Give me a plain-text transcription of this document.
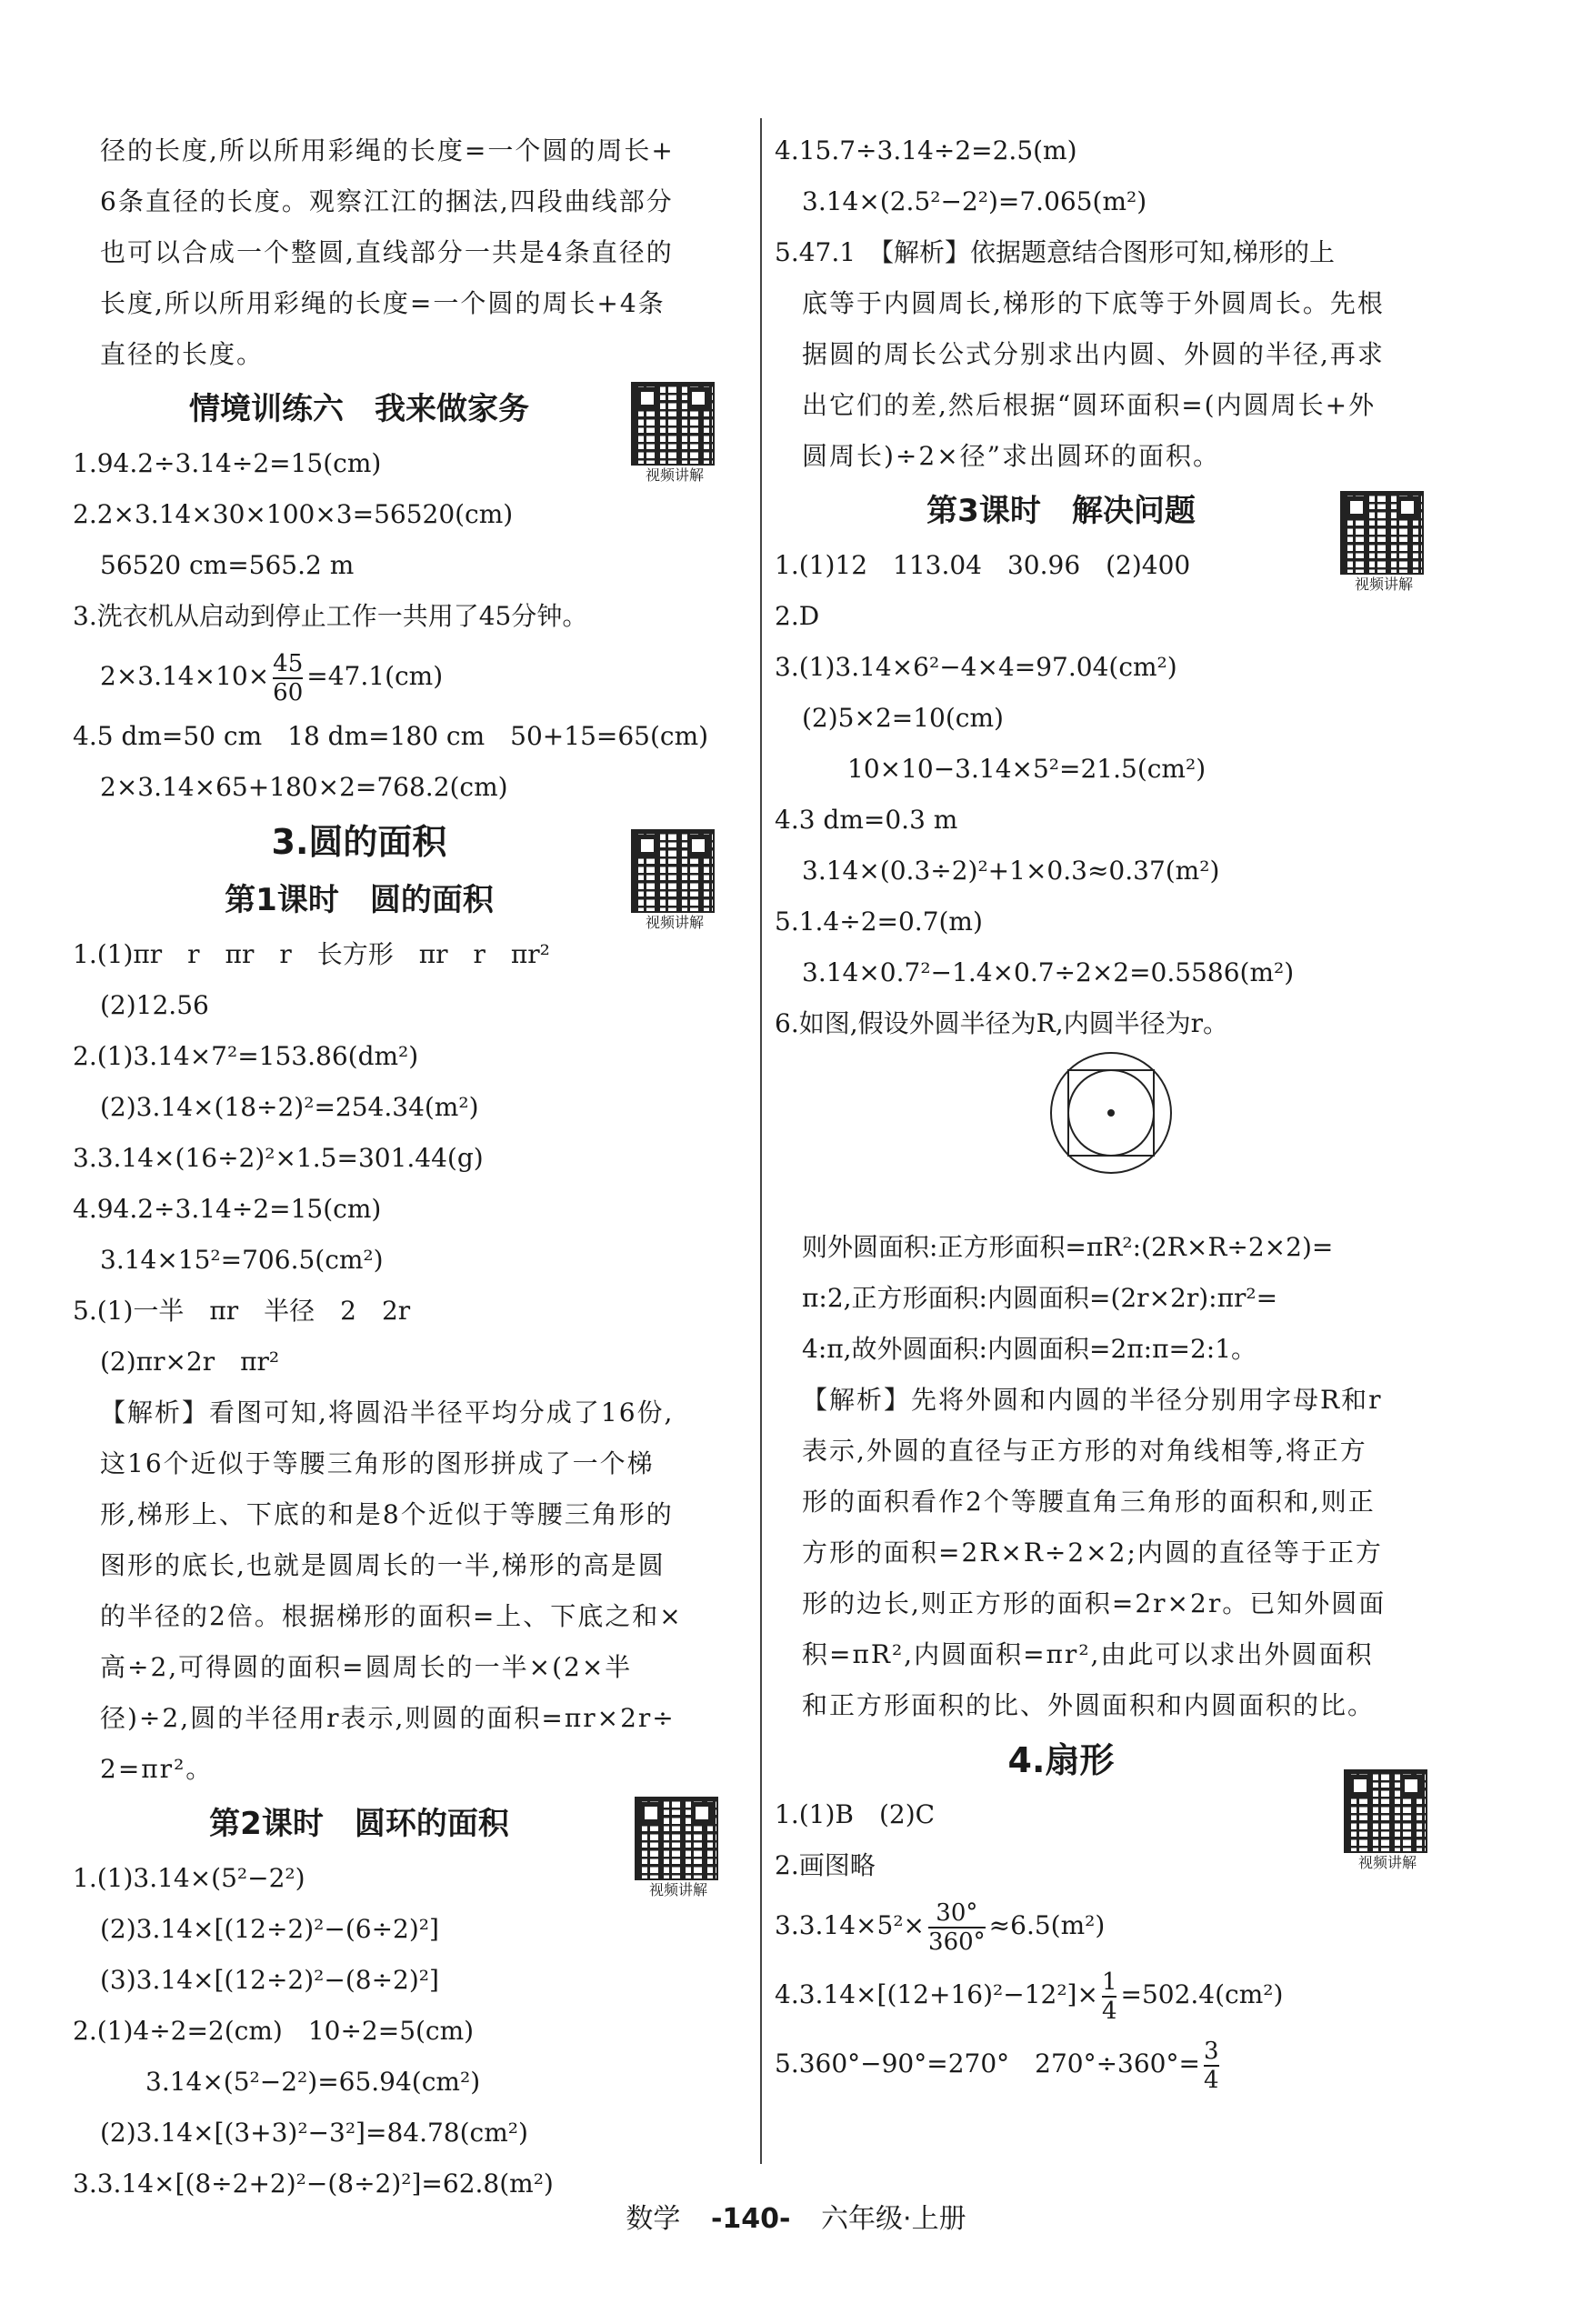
径的长度,所以所用彩绳的长度=一个圆的周长+
6条直径的长度。观察江江的捆法,四段曲线部分
也可以合成一个整圆,直线部分一共是4条直径的
长度,所以所用彩绳的长度=一个圆的周长+4条
直径的长度。
情境训练六　我来做家务
1.94.2÷3.14÷2=15(cm)
2.2×3.14×30×100×3=56520(cm)
56520 cm=565.2 m
3.洗衣机从启动到停止工作一共用了45分钟。
$2\times 3.14\times 10\times \frac{45}{60} =47.1(cm)$
4.5 dm=50 cm　18 dm=180 cm　50+15=65(cm)
2×3.14×65+180×2=768.2(cm)
3.圆的面积
第1课时　圆的面积
1.(1)πr　r　πr　r　长方形　πr　r　πr²
(2)12.56
2.(1)3.14×7²=153.86(dm²)
(2)3.14×(18÷2)²=254.34(m²)
3.3.14×(16÷2)²×1.5=301.44(g)
4.94.2÷3.14÷2=15(cm)
3.14×15²=706.5(cm²)
5.(1)一半　πr　半径　2　2r
(2)πr×2r　πr²
【解析】看图可知,将圆沿半径平均分成了16份,
这16个近似于等腰三角形的图形拼成了一个梯
形,梯形上、下底的和是8个近似于等腰三角形的
图形的底长,也就是圆周长的一半,梯形的高是圆
的半径的2倍。根据梯形的面积=上、下底之和×
高÷2,可得圆的面积=圆周长的一半×(2×半
径)÷2,圆的半径用r表示,则圆的面积=πr×2r÷
2=πr²。
第2课时　圆环的面积
1.(1)3.14×(5²−2²)
(2)3.14×[(12÷2)²−(6÷2)²]
(3)3.14×[(12÷2)²−(8÷2)²]
2.(1)4÷2=2(cm)　10÷2=5(cm)
3.14×(5²−2²)=65.94(cm²)
(2)3.14×[(3+3)²−3²]=84.78(cm²)
3.3.14×[(8÷2+2)²−(8÷2)²]=62.8(m²)
4.15.7÷3.14÷2=2.5(m)
3.14×(2.5²−2²)=7.065(m²)
5.47.1　【解析】依据题意结合图形可知,梯形的上
底等于内圆周长,梯形的下底等于外圆周长。先根
据圆的周长公式分别求出内圆、外圆的半径,再求
出它们的差,然后根据“圆环面积=(内圆周长+外
圆周长)÷2×径”求出圆环的面积。
第3课时　解决问题
1.(1)12　113.04　30.96　(2)400
2.D
3.(1)3.14×6²−4×4=97.04(cm²)
(2)5×2=10(cm)
10×10−3.14×5²=21.5(cm²)
4.3 dm=0.3 m
3.14×(0.3÷2)²+1×0.3≈0.37(m²)
5.1.4÷2=0.7(m)
3.14×0.7²−1.4×0.7÷2×2=0.5586(m²)
6.如图,假设外圆半径为R,内圆半径为r。
则外圆面积:正方形面积=πR²:(2R×R÷2×2)=
π:2,正方形面积:内圆面积=(2r×2r):πr²=
4:π,故外圆面积:内圆面积=2π:π=2:1。
【解析】先将外圆和内圆的半径分别用字母R和r
表示,外圆的直径与正方形的对角线相等,将正方
形的面积看作2个等腰直角三角形的面积和,则正
方形的面积=2R×R÷2×2;内圆的直径等于正方
形的边长,则正方形的面积=2r×2r。已知外圆面
积=πR²,内圆面积=πr²,由此可以求出外圆面积
和正方形面积的比、外圆面积和内圆面积的比。
4.扇形
1.(1)B　(2)C
2.画图略
$3.3.14\times 5^2\times \frac{30^\circ}{360^\circ} \approx 6.5(m^2)$
$4.3.14\times[(12+16)^2-12^2]\times \frac{1}{4} =502.4(cm^2)$
5.360°−90°=270°　$270^\circ\div 360^\circ= \frac{3}{4}$
视频讲解
视频讲解
视频讲解
视频讲解
视频讲解
数学 -140- 六年级·上册
